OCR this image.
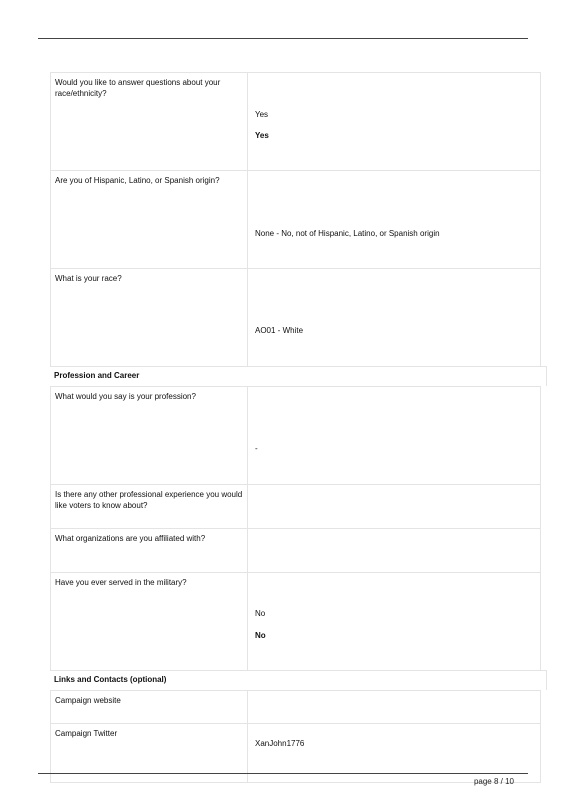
Would you like to answer questions about your race/ethnicity?
Yes
Yes
Are you of Hispanic, Latino, or Spanish origin?
None - No, not of Hispanic, Latino, or Spanish origin
What is your race?
AO01 - White
Profession and Career
What would you say is your profession?
-
Is there any other professional experience you would like voters to know about?
What organizations are you affiliated with?
Have you ever served in the military?
No
No
Links and Contacts (optional)
Campaign website
Campaign Twitter
XanJohn1776
page 8 / 10
